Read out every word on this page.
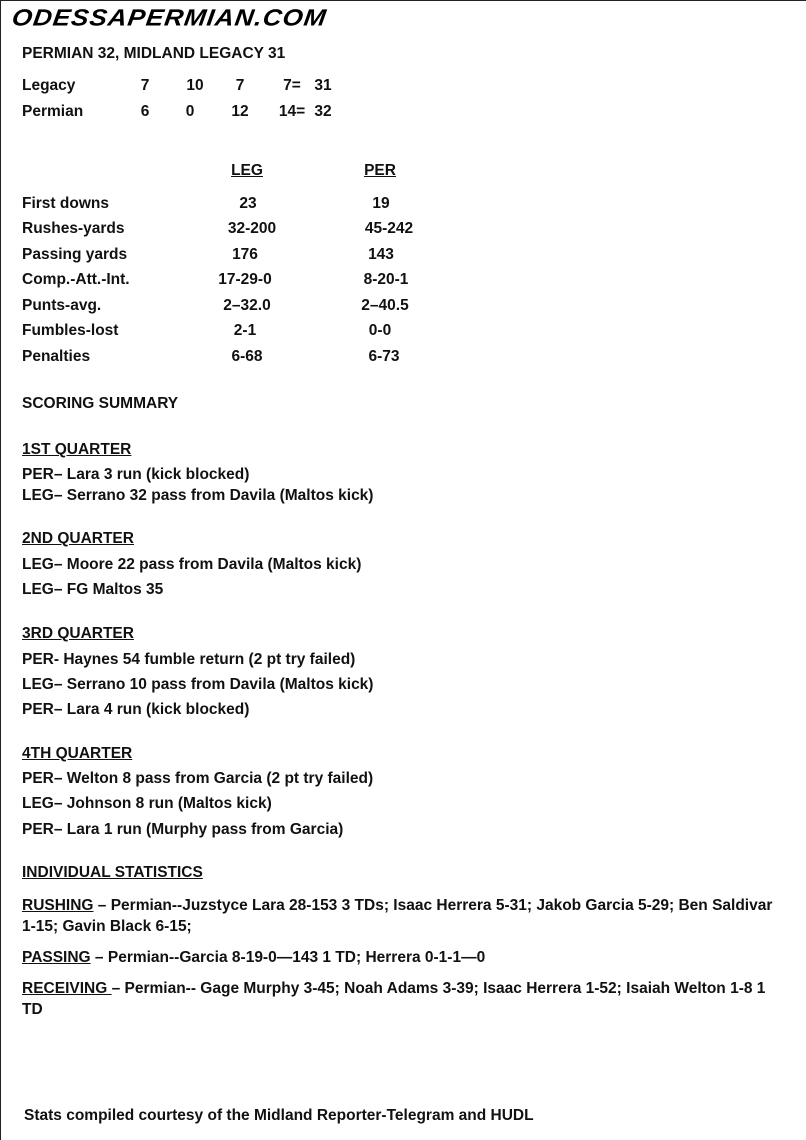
ODESSAPERMIAN.COM
PERMIAN 32, MIDLAND LEGACY 31
Legacy	7 10 7	7= 31
Permian	6 0 12 14= 32
LEG	PER
First downs	23	19
Rushes-yards	32-200	45-242
Passing yards	176	143
Comp.-Att.-Int.	17-29-0	8-20-1
Punts-avg.	2–32.0	2–40.5
Fumbles-lost	2-1	0-0
Penalties	6-68	6-73
SCORING SUMMARY
1ST QUARTER
PER– Lara 3 run (kick blocked)
LEG– Serrano 32 pass from Davila (Maltos kick)
2ND QUARTER
LEG– Moore 22 pass from Davila (Maltos kick)
LEG– FG Maltos 35
3RD QUARTER
PER- Haynes 54 fumble return (2 pt try failed)
LEG– Serrano 10 pass from Davila (Maltos kick)
PER– Lara 4 run (kick blocked)
4TH QUARTER
PER– Welton 8 pass from Garcia (2 pt try failed)
LEG– Johnson 8 run (Maltos kick)
PER– Lara 1 run (Murphy pass from Garcia)
INDIVIDUAL STATISTICS
RUSHING – Permian--Juzstyce Lara 28-153 3 TDs; Isaac Herrera 5-31; Jakob Garcia 5-29; Ben Saldivar 1-15; Gavin Black 6-15;
PASSING – Permian--Garcia 8-19-0—143 1 TD; Herrera 0-1-1—0
RECEIVING – Permian-- Gage Murphy 3-45; Noah Adams 3-39; Isaac Herrera 1-52; Isaiah Welton 1-8 1 TD
Stats compiled courtesy of the Midland Reporter-Telegram and HUDL
